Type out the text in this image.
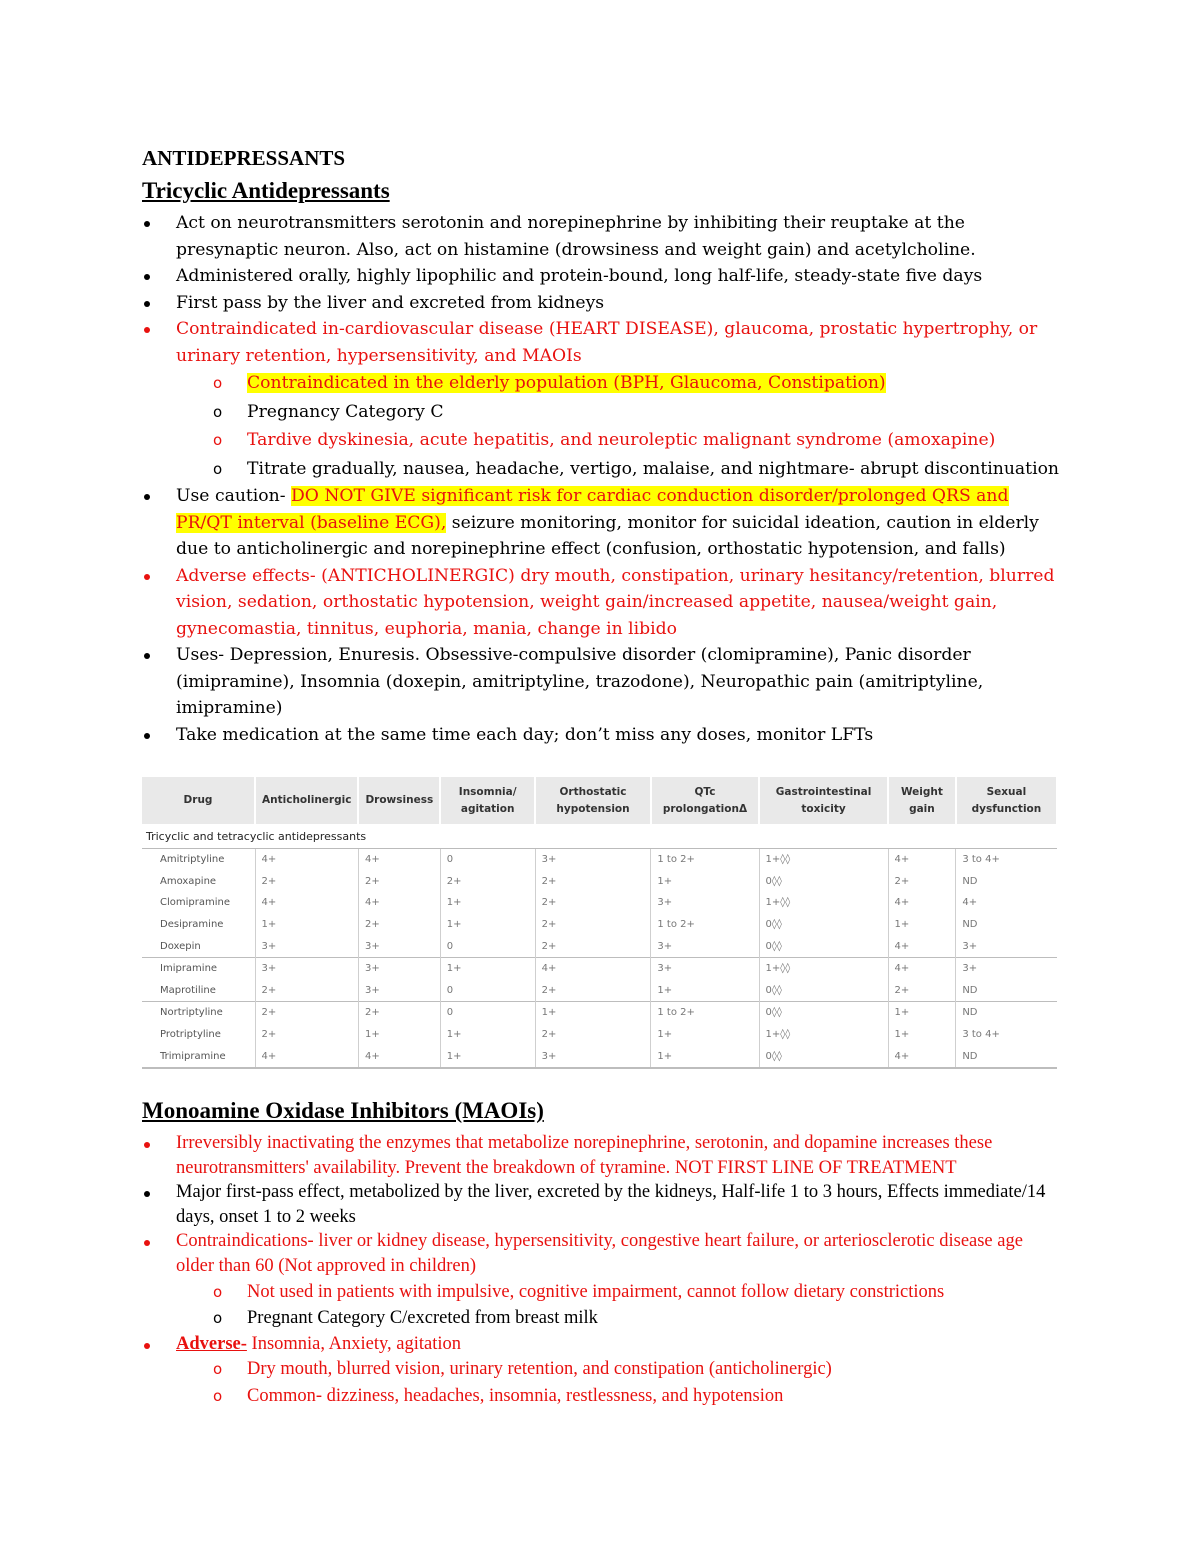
ANTIDEPRESSANTS
Tricyclic Antidepressants
Act on neurotransmitters serotonin and norepinephrine by inhibiting their reuptake at the presynaptic neuron. Also, act on histamine (drowsiness and weight gain) and acetylcholine.
Administered orally, highly lipophilic and protein-bound, long half-life, steady-state five days
First pass by the liver and excreted from kidneys
Contraindicated in-cardiovascular disease (HEART DISEASE), glaucoma, prostatic hypertrophy, or urinary retention, hypersensitivity, and MAOIs
o Contraindicated in the elderly population (BPH, Glaucoma, Constipation)
o Pregnancy Category C
o Tardive dyskinesia, acute hepatitis, and neuroleptic malignant syndrome (amoxapine)
o Titrate gradually, nausea, headache, vertigo, malaise, and nightmare- abrupt discontinuation
Use caution- DO NOT GIVE significant risk for cardiac conduction disorder/prolonged QRS and PR/QT interval (baseline ECG), seizure monitoring, monitor for suicidal ideation, caution in elderly due to anticholinergic and norepinephrine effect (confusion, orthostatic hypotension, and falls)
Adverse effects- (ANTICHOLINERGIC) dry mouth, constipation, urinary hesitancy/retention, blurred vision, sedation, orthostatic hypotension, weight gain/increased appetite, nausea/weight gain, gynecomastia, tinnitus, euphoria, mania, change in libido
Uses- Depression, Enuresis. Obsessive-compulsive disorder (clomipramine), Panic disorder (imipramine), Insomnia (doxepin, amitriptyline, trazodone), Neuropathic pain (amitriptyline, imipramine)
Take medication at the same time each day; don’t miss any doses, monitor LFTs
Drug	Anticholinergic	Drowsiness	Insomnia/ agitation	Orthostatic hypotension	QTc prolongationΔ	Gastrointestinal toxicity	Weight gain	Sexual dysfunction
Tricyclic and tetracyclic antidepressants								
Amitriptyline	4+	4+	0	3+	1 to 2+	1+◊◊	4+	3 to 4+
Amoxapine	2+	2+	2+	2+	1+	0◊◊	2+	ND
Clomipramine	4+	4+	1+	2+	3+	1+◊◊	4+	4+
Desipramine	1+	2+	1+	2+	1 to 2+	0◊◊	1+	ND
Doxepin	3+	3+	0	2+	3+	0◊◊	4+	3+
Imipramine	3+	3+	1+	4+	3+	1+◊◊	4+	3+
Maprotiline	2+	3+	0	2+	1+	0◊◊	2+	ND
Nortriptyline	2+	2+	0	1+	1 to 2+	0◊◊	1+	ND
Protriptyline	2+	1+	1+	2+	1+	1+◊◊	1+	3 to 4+
Trimipramine	4+	4+	1+	3+	1+	0◊◊	4+	ND
Monoamine Oxidase Inhibitors (MAOIs)
Irreversibly inactivating the enzymes that metabolize norepinephrine, serotonin, and dopamine increases these neurotransmitters' availability. Prevent the breakdown of tyramine. NOT FIRST LINE OF TREATMENT
Major first-pass effect, metabolized by the liver, excreted by the kidneys, Half-life 1 to 3 hours, Effects immediate/14 days, onset 1 to 2 weeks
Contraindications- liver or kidney disease, hypersensitivity, congestive heart failure, or arteriosclerotic disease age older than 60 (Not approved in children)
o Not used in patients with impulsive, cognitive impairment, cannot follow dietary constrictions
o Pregnant Category C/excreted from breast milk
Adverse- Insomnia, Anxiety, agitation
o Dry mouth, blurred vision, urinary retention, and constipation (anticholinergic)
o Common- dizziness, headaches, insomnia, restlessness, and hypotension
